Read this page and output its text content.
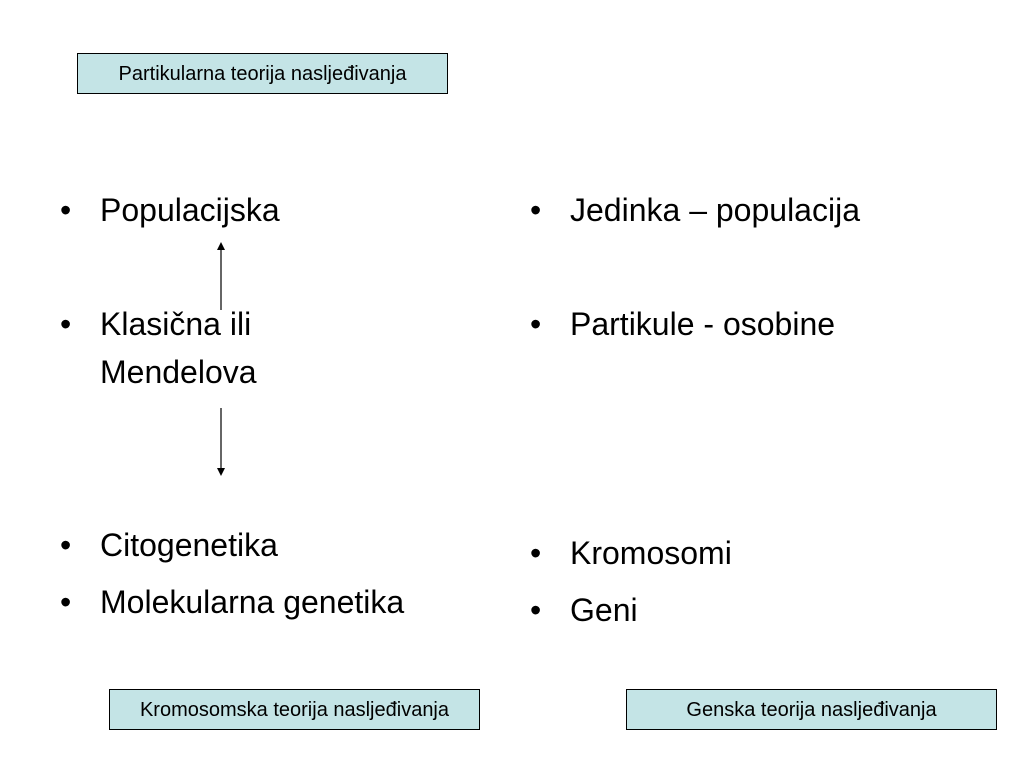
Partikularna teorija nasljeđivanja
• Populacijska
• Klasična ili
Mendelova
• Citogenetika
• Molekularna genetika
• Jedinka – populacija
• Partikule - osobine
• Kromosomi
• Geni
Kromosomska teorija nasljeđivanja	Genska teorija nasljeđivanja
